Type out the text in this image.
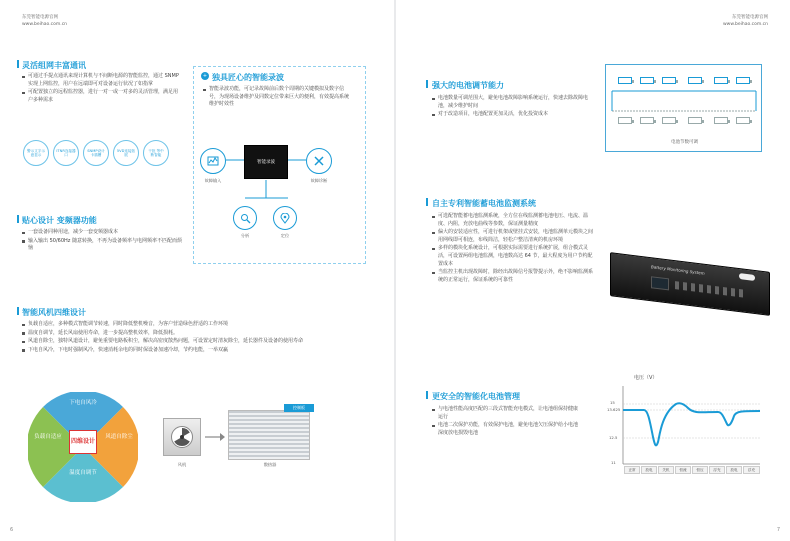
东莞智能电源官网
www.beihao.com.cn
灵活组网丰富通讯
可通过手提点通讯来现计算机与不间断电源的智能监控，通过 SNMP 实现上网监控，用户在远端即可对设备运行状况了如指掌
可配置独立的远程监控器，进行一对一或一对多的灵活管理，满足用户多种需求
警示文字示意显示
ITNR连接器口
SNMP设计卡插槽
5VD连接拓展
干扰 等中 断智能
+ 独具匠心的智能录波
智能录波功能，可记录故障前后数个周期的关键模拟及数字信号，为现场设备维护及同数定位带来巨大的便利，有效提高系统维护时效性
故障输入
智能录波
故障诊断
分析	定位
贴心设计 变频器功能
一套设备同种用途，减少一套变频器成本
输入输出 50/60Hz 随意转换，不再为设备频率与电网频率不匹配而烦恼
智能风机四维设计
负载自适应，多种模式智能调节转速，同时降低整机噪音，为客户营造绿色舒适的工作环境
温度自调节，延长风扇使用寿命，进一步提高整机效率，降低损耗。
风道自除尘，独特风道设计，避免重要电路板积尘，解决高密度散热问题，可设置定时清灰除尘，延长器件及设备的使用寿命
下电自风冷，下电时强制风冷，快速消耗余电的同时保设备加速冷却，节约电能，一举双赢
下电自风冷
负载自适应	风道自除尘
温度自调节
四维设计
风机
控制板
散热器
6
东莞智能电源官网
www.beihao.com.cn
强大的电池调节能力
电池数量可调范围大，避免电池故障影响系统运行，快速去除故障电池，减少维护时间
对于改造项目，电池配置更加灵活，优化投资成本
电池节数可调
自主专利智能蓄电池监测系统
可选配智能蓄电池监测系统，全方位在线监测蓄电池电压、电流、温度、内阻，充放电曲线等参数，保证测量精度
偏大的安装适应性，可进行机架或壁挂式安装，电池监测单元模块之间用网线即可相连，布线简洁，轻松户整洁清爽的机房环境
多样的模块化系统设计，可根据实际需要进行系统扩展，组合模式灵活，可设置两组电池监测，电池数高达 64 节，最大程度为用户节约配置成本
当监控主机出现故障时，除经出故障信号报警提示外，绝不影响监测系统的正常运行，保证系统的可靠性
Battery Monitoring System
更安全的智能化电池管理
与电池性能高度匹配的三段式智能充电模式，让电池组保持健康运行
电池二次保护功能，有效保护电池，避免电池欠压保护给小电池深度放电损毁电池
电压（V）
15
13.625
12.5
11
正常	放电	关机	恒流	恒压	浮充	放电	浮充
7
